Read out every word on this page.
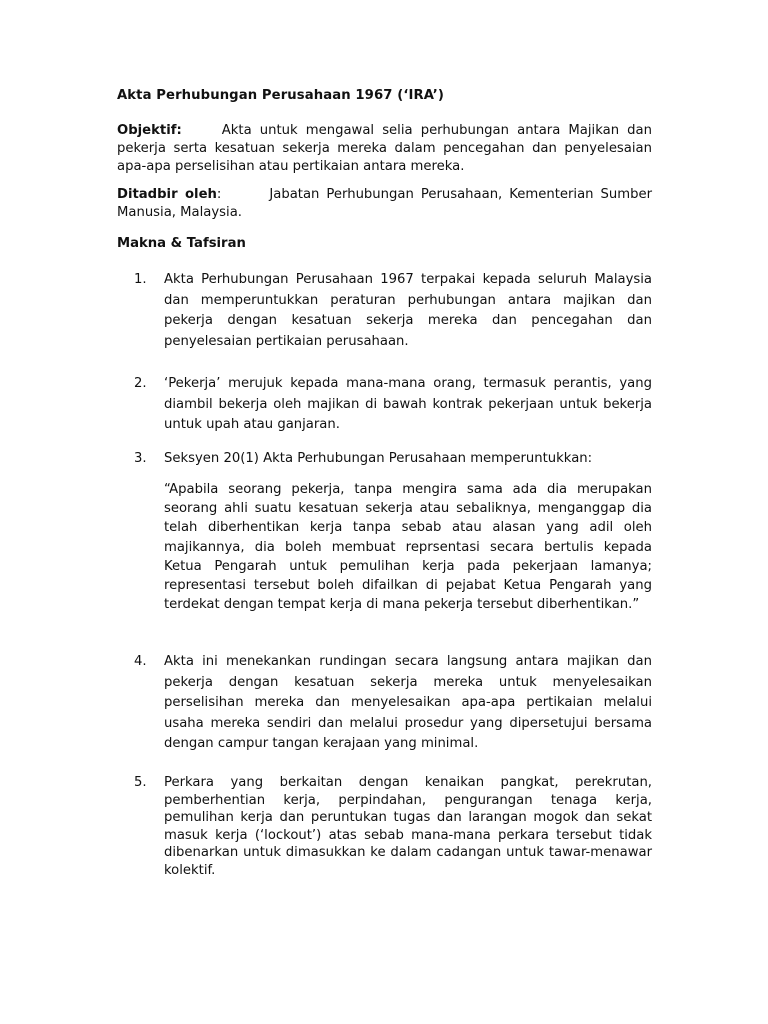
Akta Perhubungan Perusahaan 1967 (‘IRA’)
Objektif:	Akta untuk mengawal selia perhubungan antara Majikan dan pekerja serta kesatuan sekerja mereka dalam pencegahan dan penyelesaian apa-apa perselisihan atau pertikaian antara mereka.
Ditadbir oleh:	Jabatan Perhubungan Perusahaan, Kementerian Sumber Manusia, Malaysia.
Makna & Tafsiran
1.	Akta Perhubungan Perusahaan 1967 terpakai kepada seluruh Malaysia dan memperuntukkan peraturan perhubungan antara majikan dan pekerja dengan kesatuan sekerja mereka dan pencegahan dan penyelesaian pertikaian perusahaan.
2.	‘Pekerja’ merujuk kepada mana-mana orang, termasuk perantis, yang diambil bekerja oleh majikan di bawah kontrak pekerjaan untuk bekerja untuk upah atau ganjaran.
3.	Seksyen 20(1) Akta Perhubungan Perusahaan memperuntukkan:
“Apabila seorang pekerja, tanpa mengira sama ada dia merupakan seorang ahli suatu kesatuan sekerja atau sebaliknya, menganggap dia telah diberhentikan kerja tanpa sebab atau alasan yang adil oleh majikannya, dia boleh membuat reprsentasi secara bertulis kepada Ketua Pengarah untuk pemulihan kerja pada pekerjaan lamanya; representasi tersebut boleh difailkan di pejabat Ketua Pengarah yang terdekat dengan tempat kerja di mana pekerja tersebut diberhentikan.”
4.	Akta ini menekankan rundingan secara langsung antara majikan dan pekerja dengan kesatuan sekerja mereka untuk menyelesaikan perselisihan mereka dan menyelesaikan apa-apa pertikaian melalui usaha mereka sendiri dan melalui prosedur yang dipersetujui bersama dengan campur tangan kerajaan yang minimal.
5.	Perkara yang berkaitan dengan kenaikan pangkat, perekrutan, pemberhentian kerja, perpindahan, pengurangan tenaga kerja, pemulihan kerja dan peruntukan tugas dan larangan mogok dan sekat masuk kerja (‘lockout’) atas sebab mana-mana perkara tersebut tidak dibenarkan untuk dimasukkan ke dalam cadangan untuk tawar-menawar kolektif.
